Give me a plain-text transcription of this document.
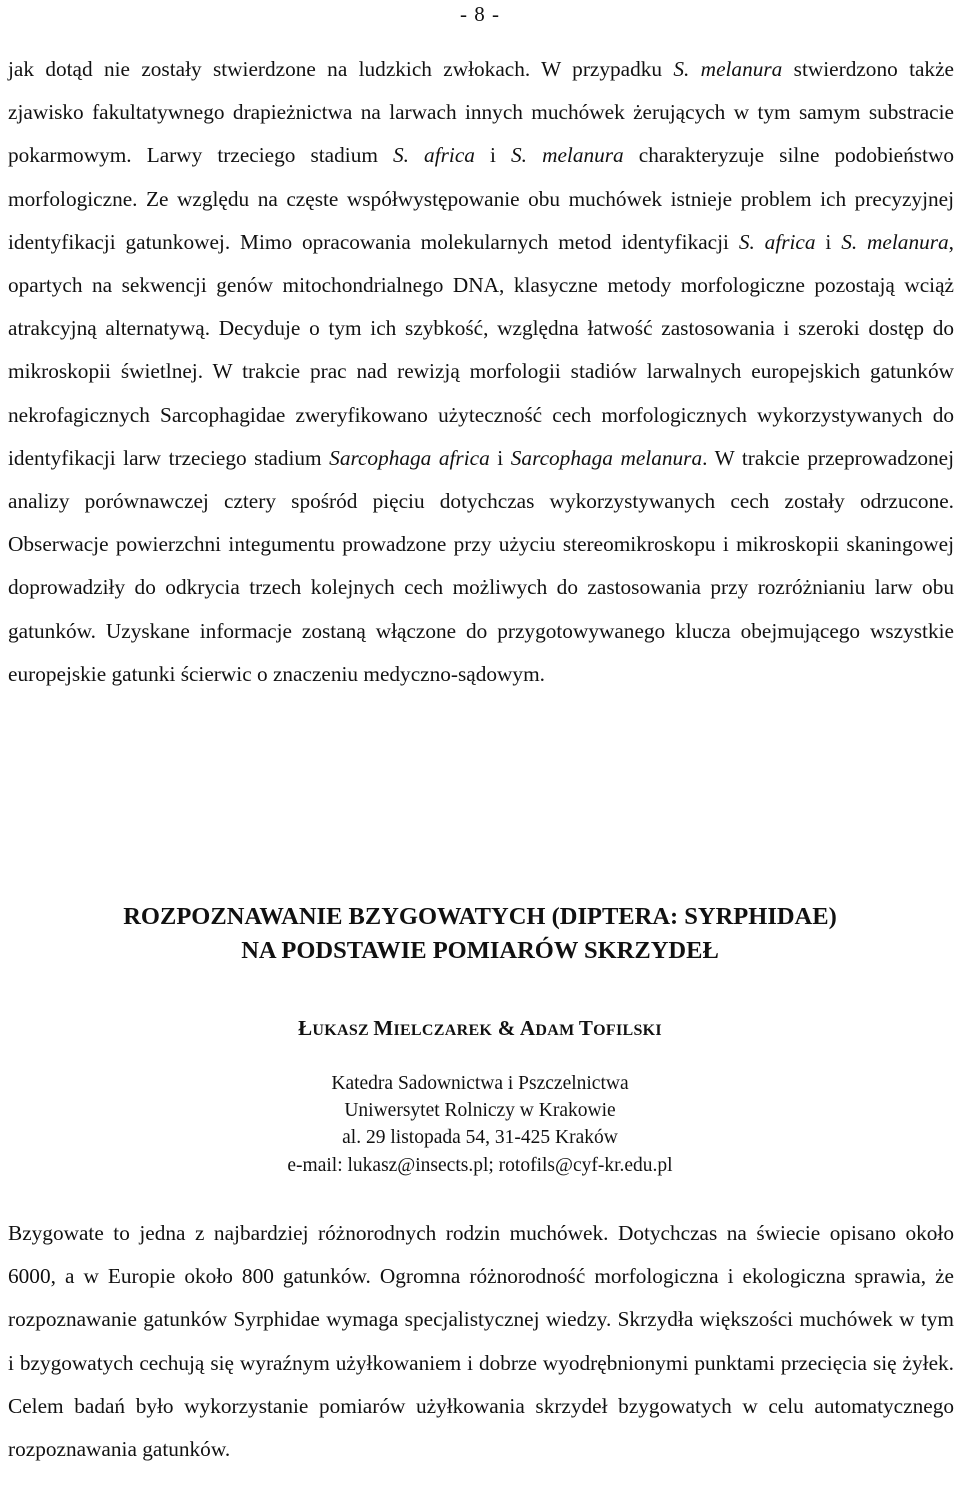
- 8 -

jak dotąd nie zostały stwierdzone na ludzkich zwłokach. W przypadku S. melanura stwierdzono także zjawisko fakultatywnego drapieżnictwa na larwach innych muchówek żerujących w tym samym substracie pokarmowym. Larwy trzeciego stadium S. africa i S. melanura charakteryzuje silne podobieństwo morfologiczne. Ze względu na częste współwystępowanie obu muchówek istnieje problem ich precyzyjnej identyfikacji gatunkowej. Mimo opracowania molekularnych metod identyfikacji S. africa i S. melanura, opartych na sekwencji genów mitochondrialnego DNA, klasyczne metody morfologiczne pozostają wciąż atrakcyjną alternatywą. Decyduje o tym ich szybkość, względna łatwość zastosowania i szeroki dostęp do mikroskopii świetlnej. W trakcie prac nad rewizją morfologii stadiów larwalnych europejskich gatunków nekrofagicznych Sarcophagidae zweryfikowano użyteczność cech morfologicznych wykorzystywanych do identyfikacji larw trzeciego stadium Sarcophaga africa i Sarcophaga melanura. W trakcie przeprowadzonej analizy porównawczej cztery spośród pięciu dotychczas wykorzystywanych cech zostały odrzucone. Obserwacje powierzchni integumentu prowadzone przy użyciu stereomikroskopu i mikroskopii skaningowej doprowadziły do odkrycia trzech kolejnych cech możliwych do zastosowania przy rozróżnianiu larw obu gatunków. Uzyskane informacje zostaną włączone do przygotowywanego klucza obejmującego wszystkie europejskie gatunki ścierwic o znaczeniu medyczno-sądowym.

ROZPOZNAWANIE BZYGOWATYCH (DIPTERA: SYRPHIDAE)
NA PODSTAWIE POMIARÓW SKRZYDEŁ

ŁUKASZ MIELCZAREK & ADAM TOFILSKI

Katedra Sadownictwa i Pszczelnictwa
Uniwersytet Rolniczy w Krakowie
al. 29 listopada 54, 31-425 Kraków
e-mail: lukasz@insects.pl; rotofils@cyf-kr.edu.pl

Bzygowate to jedna z najbardziej różnorodnych rodzin muchówek. Dotychczas na świecie opisano około 6000, a w Europie około 800 gatunków. Ogromna różnorodność morfologiczna i ekologiczna sprawia, że rozpoznawanie gatunków Syrphidae wymaga specjalistycznej wiedzy. Skrzydła większości muchówek w tym i bzygowatych cechują się wyraźnym użyłkowaniem i dobrze wyodrębnionymi punktami przecięcia się żyłek. Celem badań było wykorzystanie pomiarów użyłkowania skrzydeł bzygowatych w celu automatycznego rozpoznawania gatunków.
